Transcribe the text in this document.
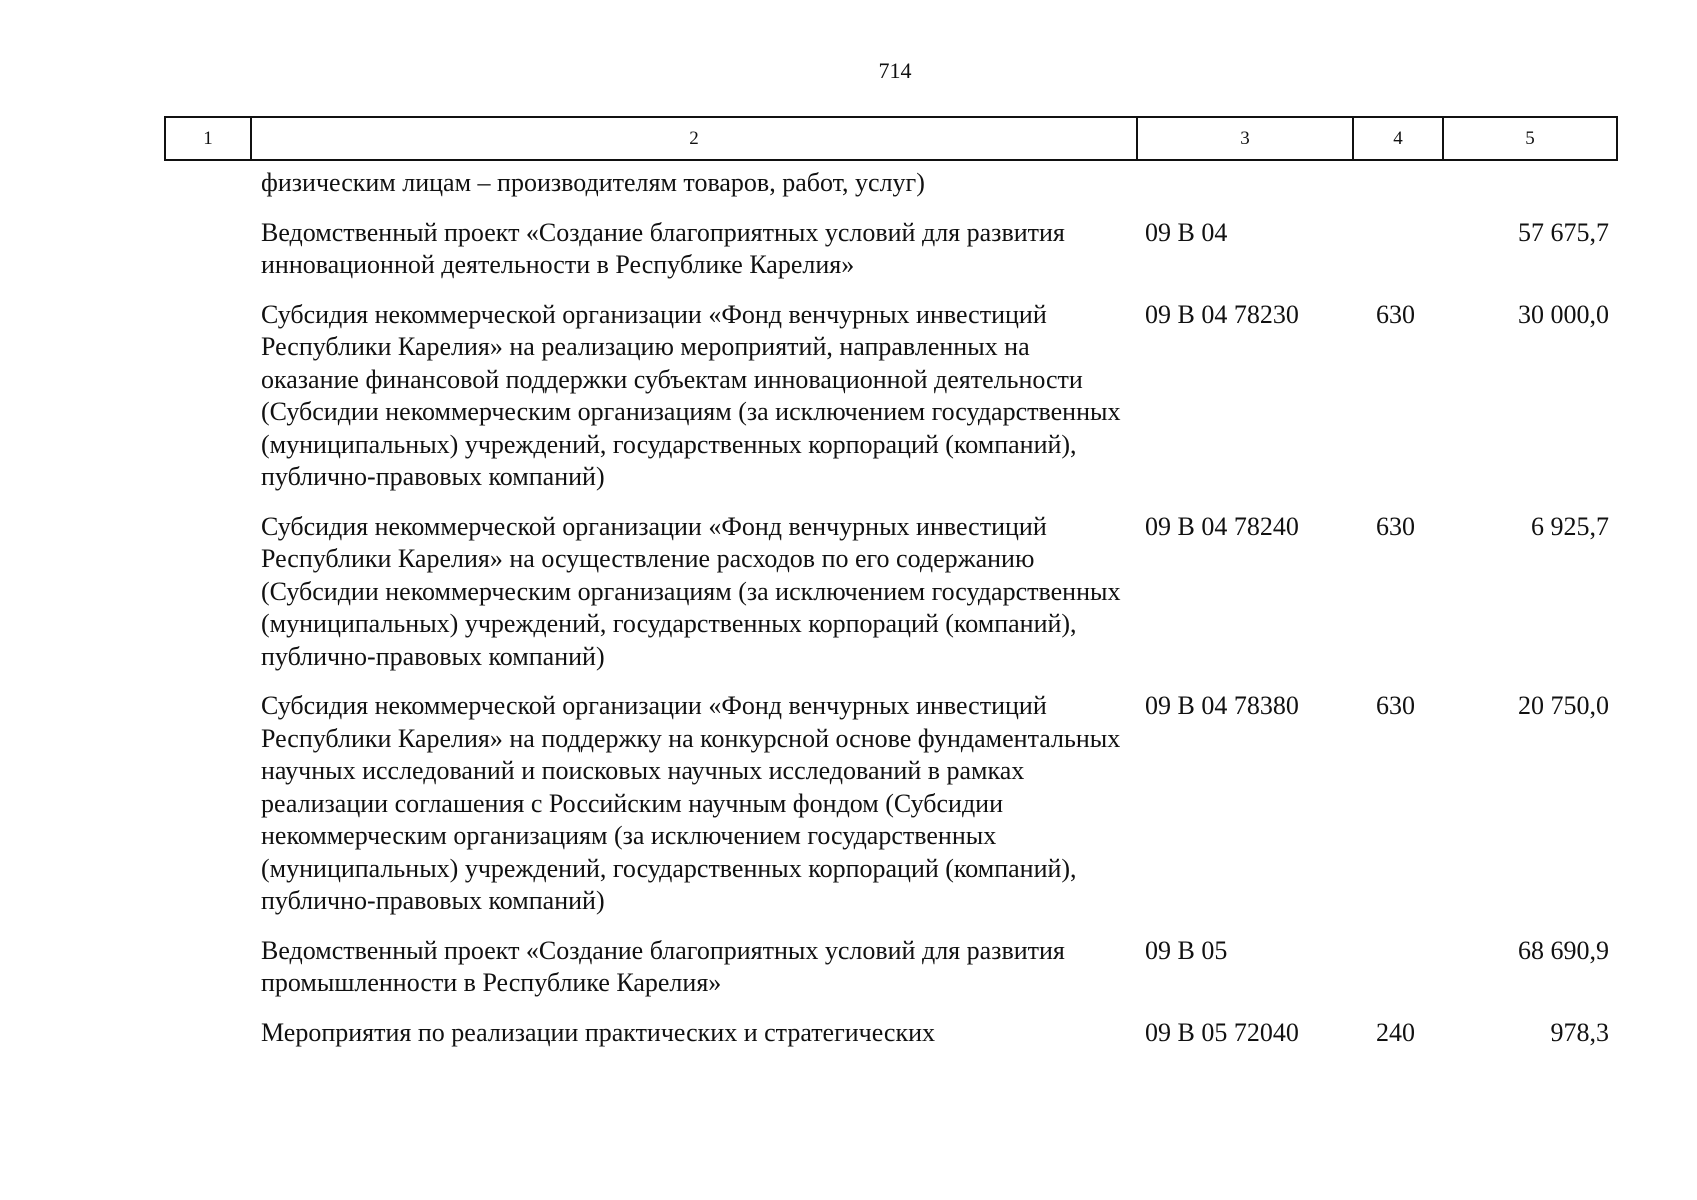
714
1	2	3	4	5
	физическим лицам – производителям товаров, работ, услуг)			
	Ведомственный проект «Создание благоприятных условий для развития инновационной деятельности в Республике Карелия»	09 В 04		57 675,7
	Субсидия некоммерческой организации «Фонд венчурных инвестиций Республики Карелия» на реализацию мероприятий, направленных на оказание финансовой поддержки субъектам инновационной деятельности (Субсидии некоммерческим организациям (за исключением государственных (муниципальных) учреждений, государственных корпораций (компаний), публично-правовых компаний)	09 В 04 78230	630	30 000,0
	Субсидия некоммерческой организации «Фонд венчурных инвестиций Республики Карелия» на осуществление расходов по его содержанию (Субсидии некоммерческим организациям (за исключением государственных (муниципальных) учреждений, государственных корпораций (компаний), публично-правовых компаний)	09 В 04 78240	630	6 925,7
	Субсидия некоммерческой организации «Фонд венчурных инвестиций Республики Карелия» на поддержку на конкурсной основе фундаментальных научных исследований и поисковых научных исследований в рамках реализации соглашения с Российским научным фондом (Субсидии некоммерческим организациям (за исключением государственных (муниципальных) учреждений, государственных корпораций (компаний), публично-правовых компаний)	09 В 04 78380	630	20 750,0
	Ведомственный проект «Создание благоприятных условий для развития промышленности в Республике Карелия»	09 В 05		68 690,9
	Мероприятия по реализации практических и стратегических	09 В 05 72040	240	978,3
